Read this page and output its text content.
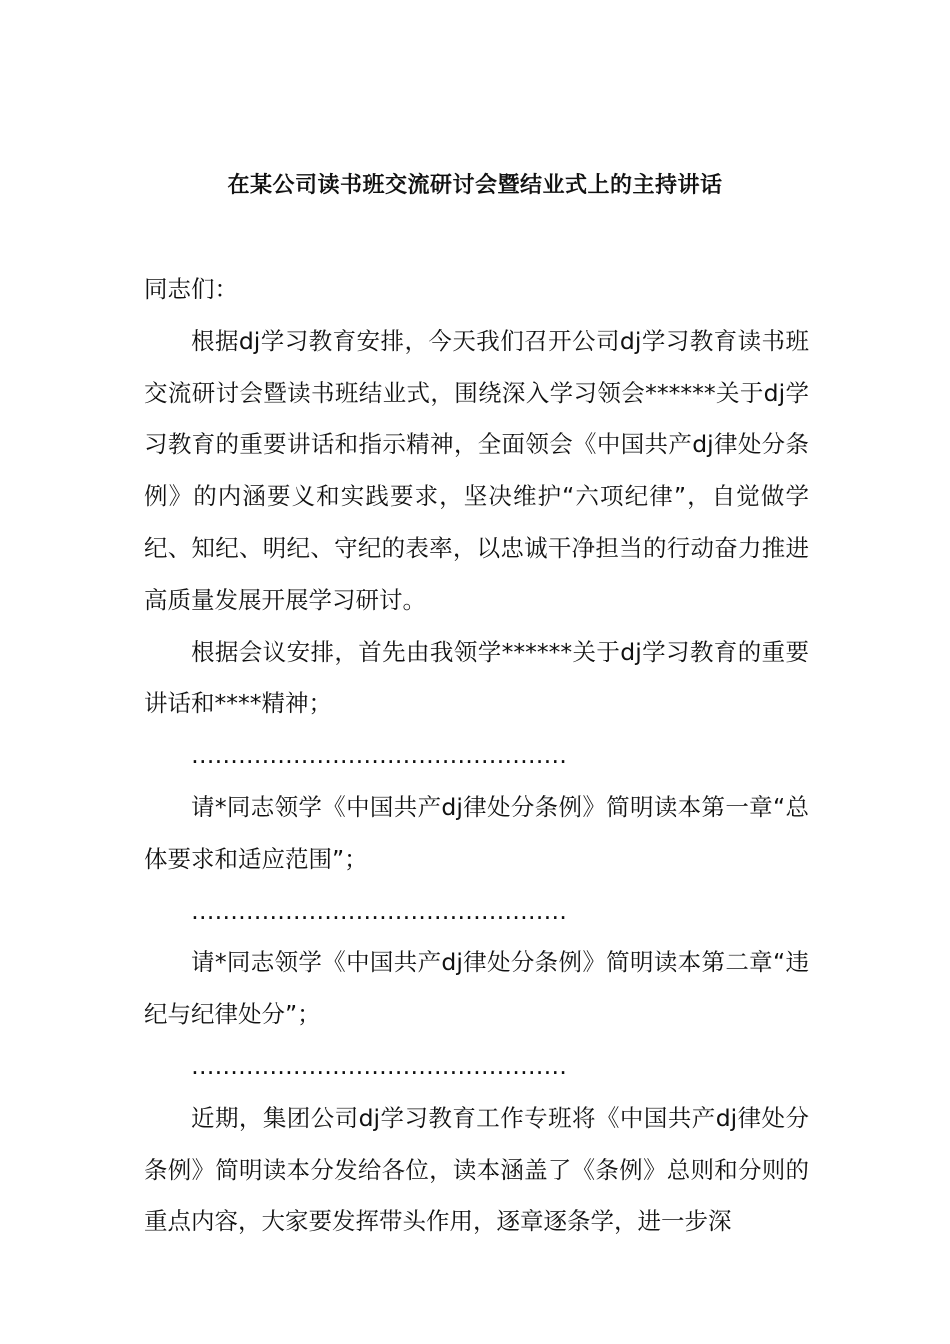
在某公司读书班交流研讨会暨结业式上的主持讲话

同志们：

根据dj学习教育安排，今天我们召开公司dj学习教育读书班交流研讨会暨读书班结业式，围绕深入学习领会******关于dj学习教育的重要讲话和指示精神，全面领会《中国共产dj律处分条例》的内涵要义和实践要求，坚决维护“六项纪律”，自觉做学纪、知纪、明纪、守纪的表率，以忠诚干净担当的行动奋力推进高质量发展开展学习研讨。

根据会议安排，首先由我领学******关于dj学习教育的重要讲话和****精神；

…………………………………………

请*同志领学《中国共产dj律处分条例》简明读本第一章“总体要求和适应范围”；

…………………………………………

请*同志领学《中国共产dj律处分条例》简明读本第二章“违纪与纪律处分”；

…………………………………………

近期，集团公司dj学习教育工作专班将《中国共产dj律处分条例》简明读本分发给各位，读本涵盖了《条例》总则和分则的重点内容，大家要发挥带头作用，逐章逐条学，进一步深
